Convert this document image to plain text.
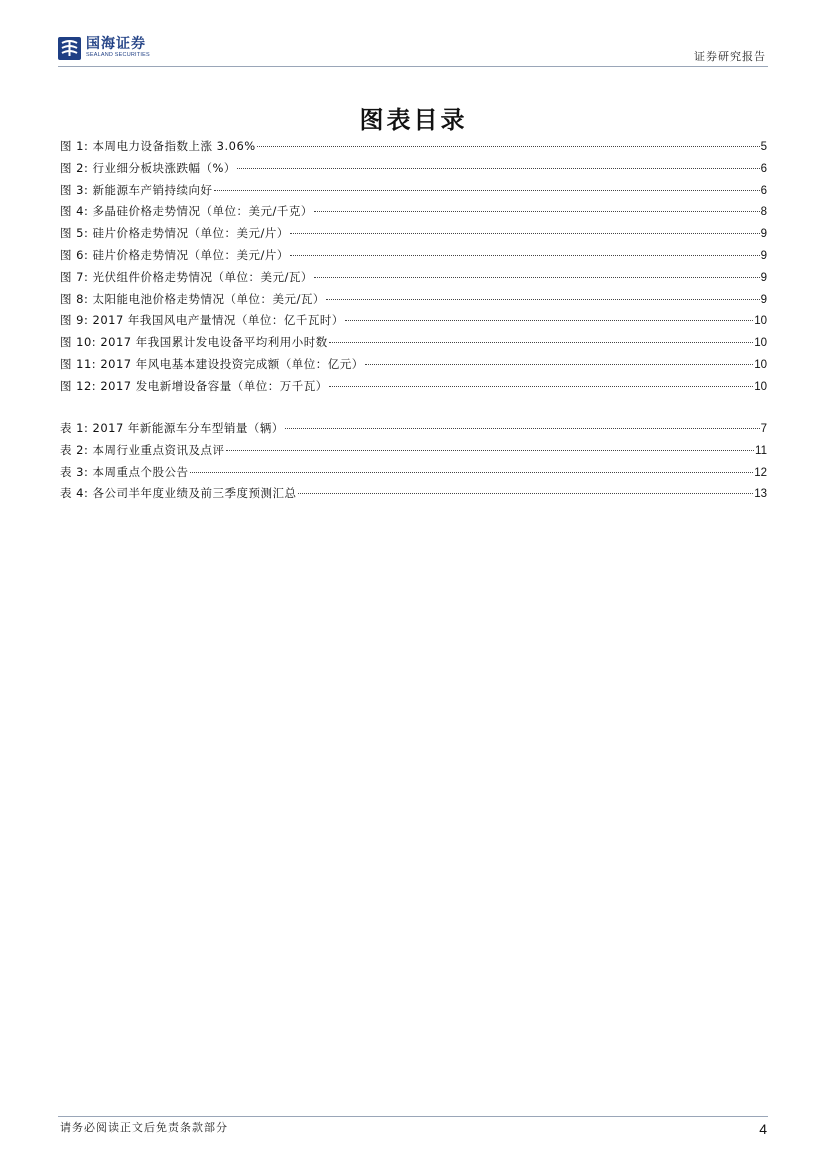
国海证券
SEALAND SECURITIES	证券研究报告
图表目录
图 1: 本周电力设备指数上涨 3.06%	5
图 2: 行业细分板块涨跌幅（%）	6
图 3: 新能源车产销持续向好	6
图 4: 多晶硅价格走势情况（单位：美元/千克）	8
图 5: 硅片价格走势情况（单位：美元/片）	9
图 6: 硅片价格走势情况（单位：美元/片）	9
图 7: 光伏组件价格走势情况（单位：美元/瓦）	9
图 8: 太阳能电池价格走势情况（单位：美元/瓦）	9
图 9: 2017 年我国风电产量情况（单位：亿千瓦时）	10
图 10: 2017 年我国累计发电设备平均利用小时数	10
图 11: 2017 年风电基本建设投资完成额（单位：亿元）	10
图 12: 2017 发电新增设备容量（单位：万千瓦）	10
表 1: 2017 年新能源车分车型销量（辆）	7
表 2: 本周行业重点资讯及点评	11
表 3: 本周重点个股公告	12
表 4: 各公司半年度业绩及前三季度预测汇总	13
请务必阅读正文后免责条款部分	4
